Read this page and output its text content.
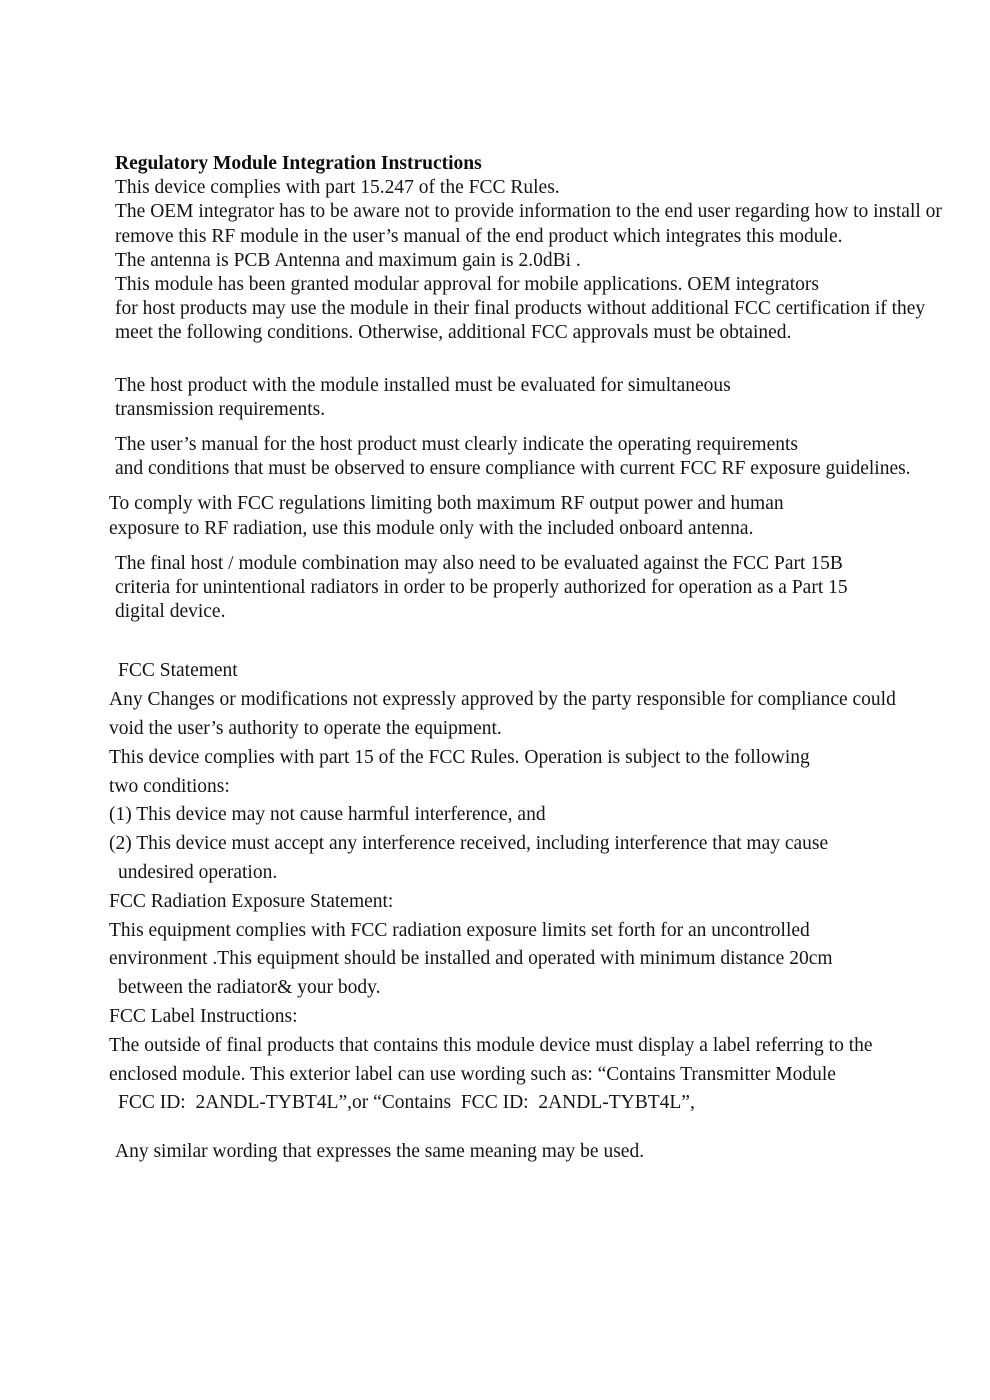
Regulatory Module Integration Instructions
This device complies with part 15.247 of the FCC Rules.
The OEM integrator has to be aware not to provide information to the end user regarding how to install or
remove this RF module in the user’s manual of the end product which integrates this module.
The antenna is PCB Antenna and maximum gain is 2.0dBi .
This module has been granted modular approval for mobile applications. OEM integrators
for host products may use the module in their final products without additional FCC certification if they
meet the following conditions. Otherwise, additional FCC approvals must be obtained.
The host product with the module installed must be evaluated for simultaneous
transmission requirements.
The user’s manual for the host product must clearly indicate the operating requirements
and conditions that must be observed to ensure compliance with current FCC RF exposure guidelines.
To comply with FCC regulations limiting both maximum RF output power and human
exposure to RF radiation, use this module only with the included onboard antenna.
The final host / module combination may also need to be evaluated against the FCC Part 15B
criteria for unintentional radiators in order to be properly authorized for operation as a Part 15
digital device.
FCC Statement
Any Changes or modifications not expressly approved by the party responsible for compliance could
void the user’s authority to operate the equipment.
This device complies with part 15 of the FCC Rules. Operation is subject to the following
two conditions:
(1) This device may not cause harmful interference, and
(2) This device must accept any interference received, including interference that may cause
undesired operation.
FCC Radiation Exposure Statement:
This equipment complies with FCC radiation exposure limits set forth for an uncontrolled
environment .This equipment should be installed and operated with minimum distance 20cm
between the radiator& your body.
FCC Label Instructions:
The outside of final products that contains this module device must display a label referring to the
enclosed module. This exterior label can use wording such as: “Contains Transmitter Module
FCC ID:  2ANDL-TYBT4L”,or “Contains  FCC ID:  2ANDL-TYBT4L”,
Any similar wording that expresses the same meaning may be used.
